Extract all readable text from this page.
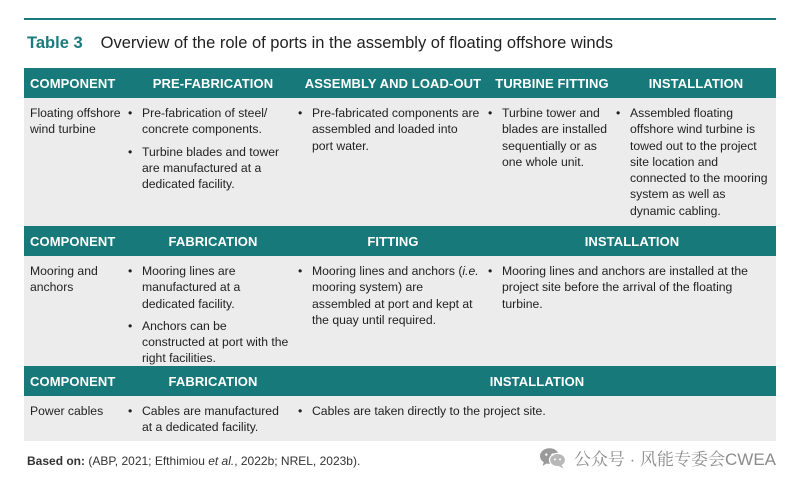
Table 3 Overview of the role of ports in the assembly of floating offshore winds
COMPONENT	PRE-FABRICATION	ASSEMBLY AND LOAD-OUT	TURBINE FITTING	INSTALLATION
Floating offshore wind turbine
• Pre-fabrication of steel/ concrete components.
• Turbine blades and tower are manufactured at a dedicated facility.
• Pre-fabricated components are assembled and loaded into port water.
• Turbine tower and blades are installed sequentially or as one whole unit.
• Assembled floating offshore wind turbine is towed out to the project site location and connected to the mooring system as well as dynamic cabling.
COMPONENT	FABRICATION	FITTING	INSTALLATION
Mooring and anchors
• Mooring lines are manufactured at a dedicated facility.
• Anchors can be constructed at port with the right facilities.
• Mooring lines and anchors (i.e. mooring system) are assembled at port and kept at the quay until required.
• Mooring lines and anchors are installed at the project site before the arrival of the floating turbine.
COMPONENT	FABRICATION	INSTALLATION
Power cables
•	Cables are manufactured at a dedicated facility.
• Cables are taken directly to the project site.
Based on: (ABP, 2021; Efthimiou et al., 2022b; NREL, 2023b).	公众号 · 风能专委会CWEA
